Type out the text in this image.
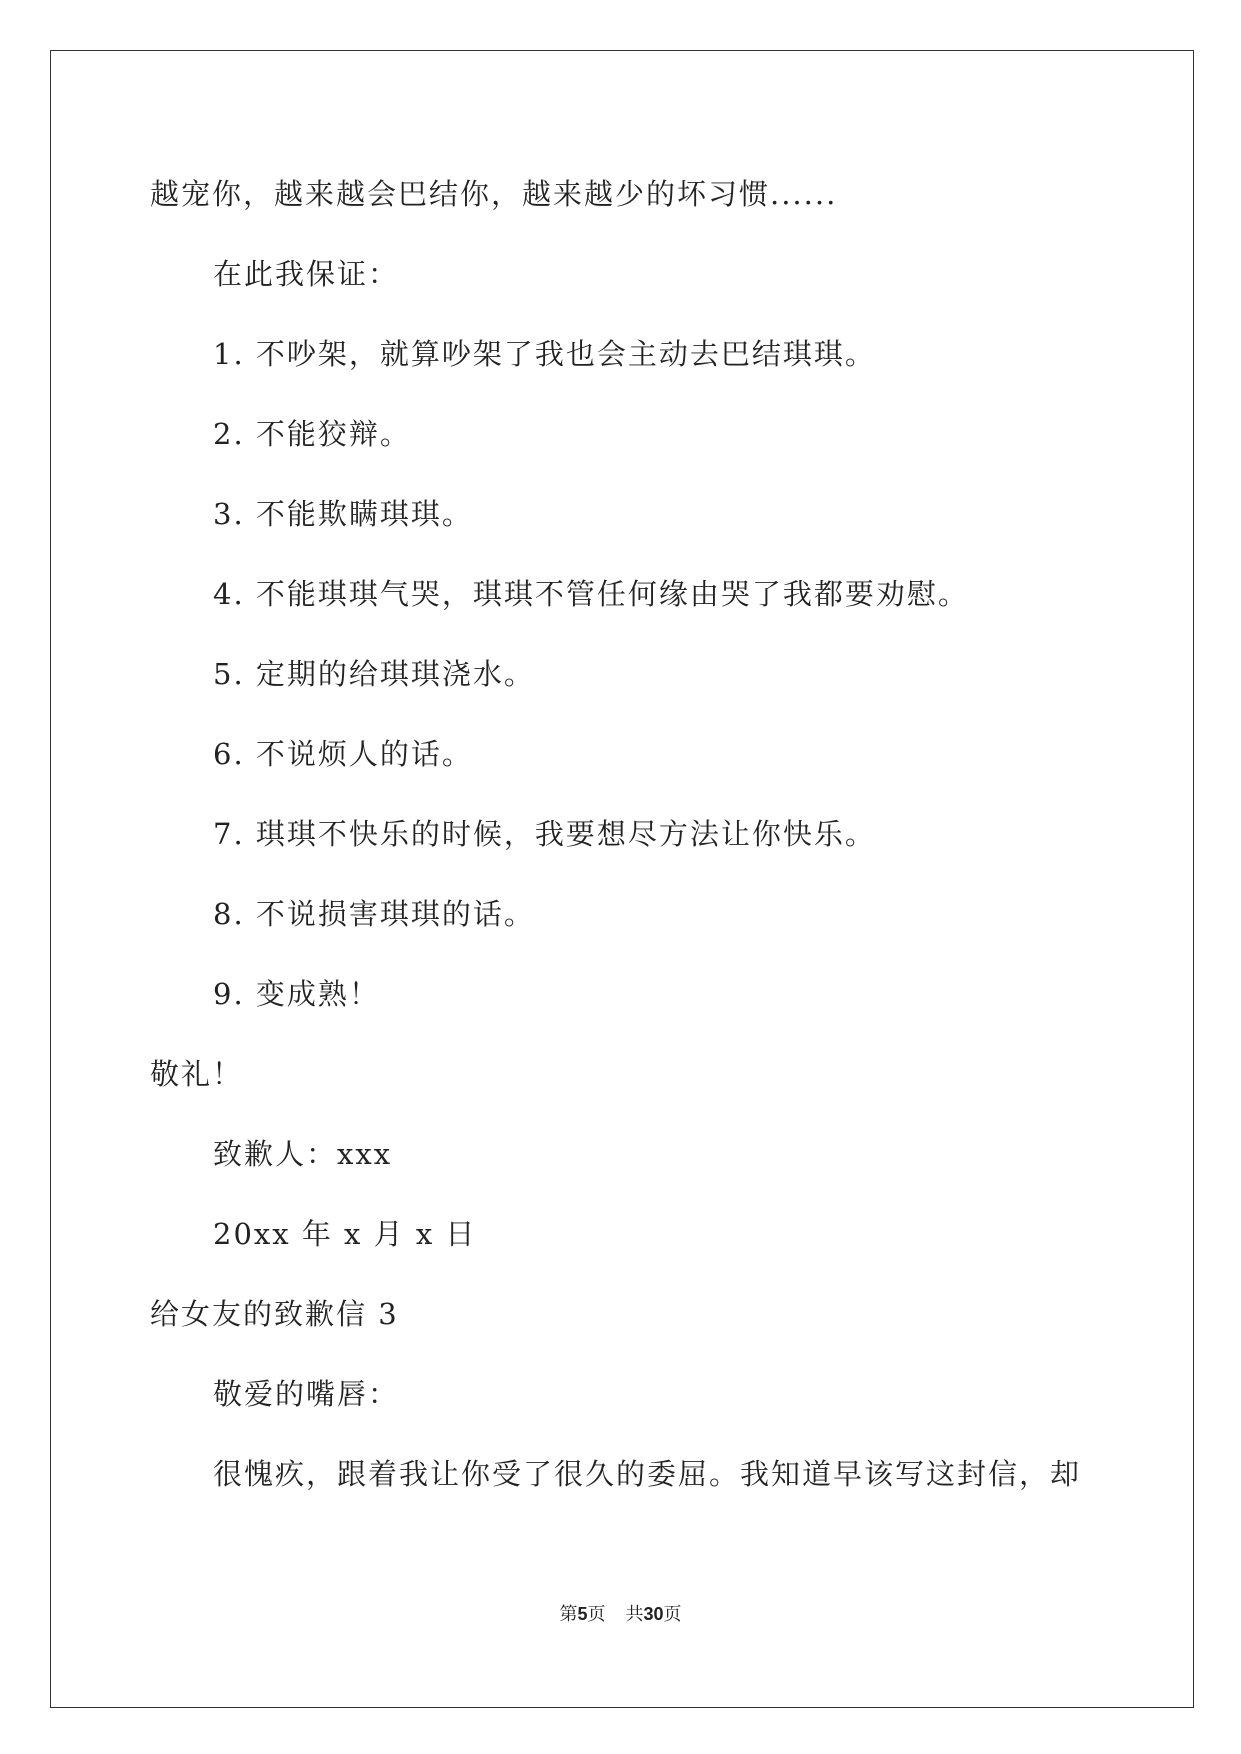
越宠你，越来越会巴结你，越来越少的坏习惯......
在此我保证：
1. 不吵架，就算吵架了我也会主动去巴结琪琪。
2. 不能狡辩。
3. 不能欺瞒琪琪。
4. 不能琪琪气哭，琪琪不管任何缘由哭了我都要劝慰。
5. 定期的给琪琪浇水。
6. 不说烦人的话。
7. 琪琪不快乐的时候，我要想尽方法让你快乐。
8. 不说损害琪琪的话。
9. 变成熟！
敬礼！
致歉人：xxx
20xx 年 x 月 x 日
给女友的致歉信 3
敬爱的嘴唇：
很愧疚，跟着我让你受了很久的委屈。我知道早该写这封信，却
第5页 共30页
